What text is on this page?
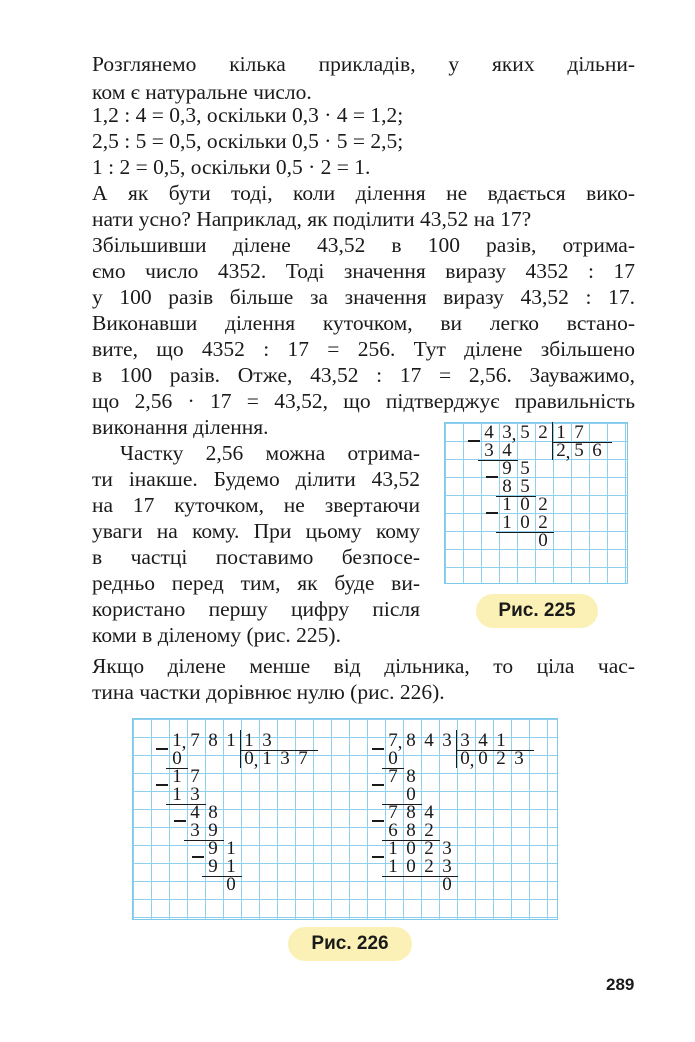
Розглянемо кілька прикладів, у яких дільни-
ком є натуральне число.
1,2 : 4 = 0,3, оскільки 0,3 · 4 = 1,2;
2,5 : 5 = 0,5, оскільки 0,5 · 5 = 2,5;
1 : 2 = 0,5, оскільки 0,5 · 2 = 1.
А як бути тоді, коли ділення не вдається вико-
нати усно? Наприклад, як поділити 43,52 на 17?
Збільшивши ділене 43,52 в 100 разів, отрима-
ємо число 4352. Тоді значення виразу 4352 : 17
у 100 разів більше за значення виразу 43,52 : 17.
Виконавши ділення куточком, ви легко встано-
вите, що 4352 : 17 = 256. Тут ділене збільшено
в 100 разів. Отже, 43,52 : 17 = 2,56. Зауважимо,
що 2,56 · 17 = 43,52, що підтверджує правильність
виконання ділення.
Частку 2,56 можна отрима-
ти інакше. Будемо ділити 43,52
на 17 куточком, не звертаючи
уваги на кому. При цьому кому
в частці поставимо безпосе-
редньо перед тим, як буде ви-
користано першу цифру після
коми в діленому (рис. 225).
Якщо ділене менше від дільника, то ціла час-
тина частки дорівнює нулю (рис. 226).
Рис. 225
Рис. 226
289
4 3 , 5 2 1 7
2 , 5 6
3 4
9 5
8 5
1 0 2
1 0 2
0
1 , 7 8 1 1 3
0 , 1 3 7
0
1 7
1 3
4 8
3 9
9 1
9 1
0
7 , 8 4 3 3 4 1
0 , 0 2 3
0
7 8
0
7 8 4
6 8 2
1 0 2 3
1 0 2 3
0
